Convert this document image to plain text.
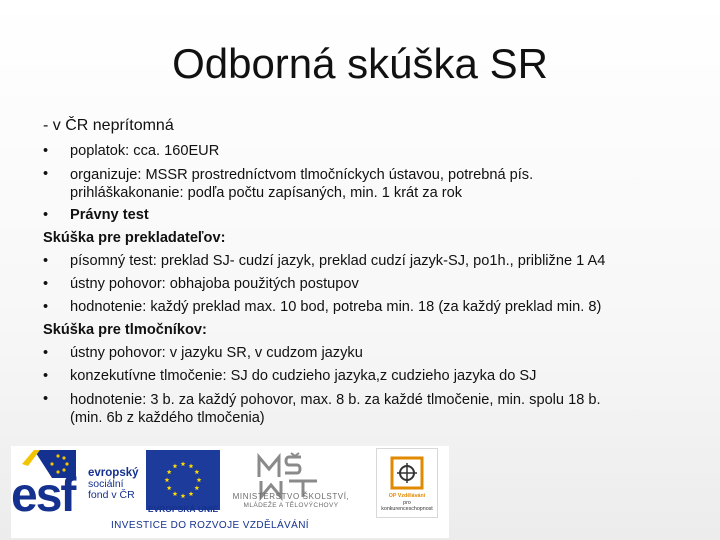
Odborná skúška SR
- v ČR neprítomná
•	poplatok: cca. 160EUR
•	organizuje: MSSR prostredníctvom tlmočníckych ústavou, potrebná pís.
prihláškakonanie: podľa počtu zapísaných, min. 1 krát za rok
•	Právny test
Skúška pre prekladateľov:
•	písomný test: preklad SJ- cudzí jazyk, preklad cudzí jazyk-SJ, po1h., približne 1 A4
•	ústny pohovor: obhajoba použitých postupov
•	hodnotenie: každý preklad max. 10 bod, potreba min. 18 (za každý preklad min. 8)
Skúška pre tlmočníkov:
•	ústny pohovor: v jazyku SR, v cudzom jazyku
•	konzekutívne tlmočenie: SJ do cudzieho jazyka,z cudzieho jazyka do SJ
•	hodnotenie: 3 b. za každý pohovor, max. 8 b. za každé tlmočenie, min. spolu 18 b.
(min. 6b z každého tlmočenia)
esf evropský
sociální
fond v ČR
EVROPSKÁ UNIE
MINISTERSTVO ŠKOLSTVÍ,
MLÁDEŽE A TĚLOVÝCHOVY
OP Vzdělávání
pro konkurenceschopnost
INVESTICE DO ROZVOJE VZDĚLÁVÁNÍ
